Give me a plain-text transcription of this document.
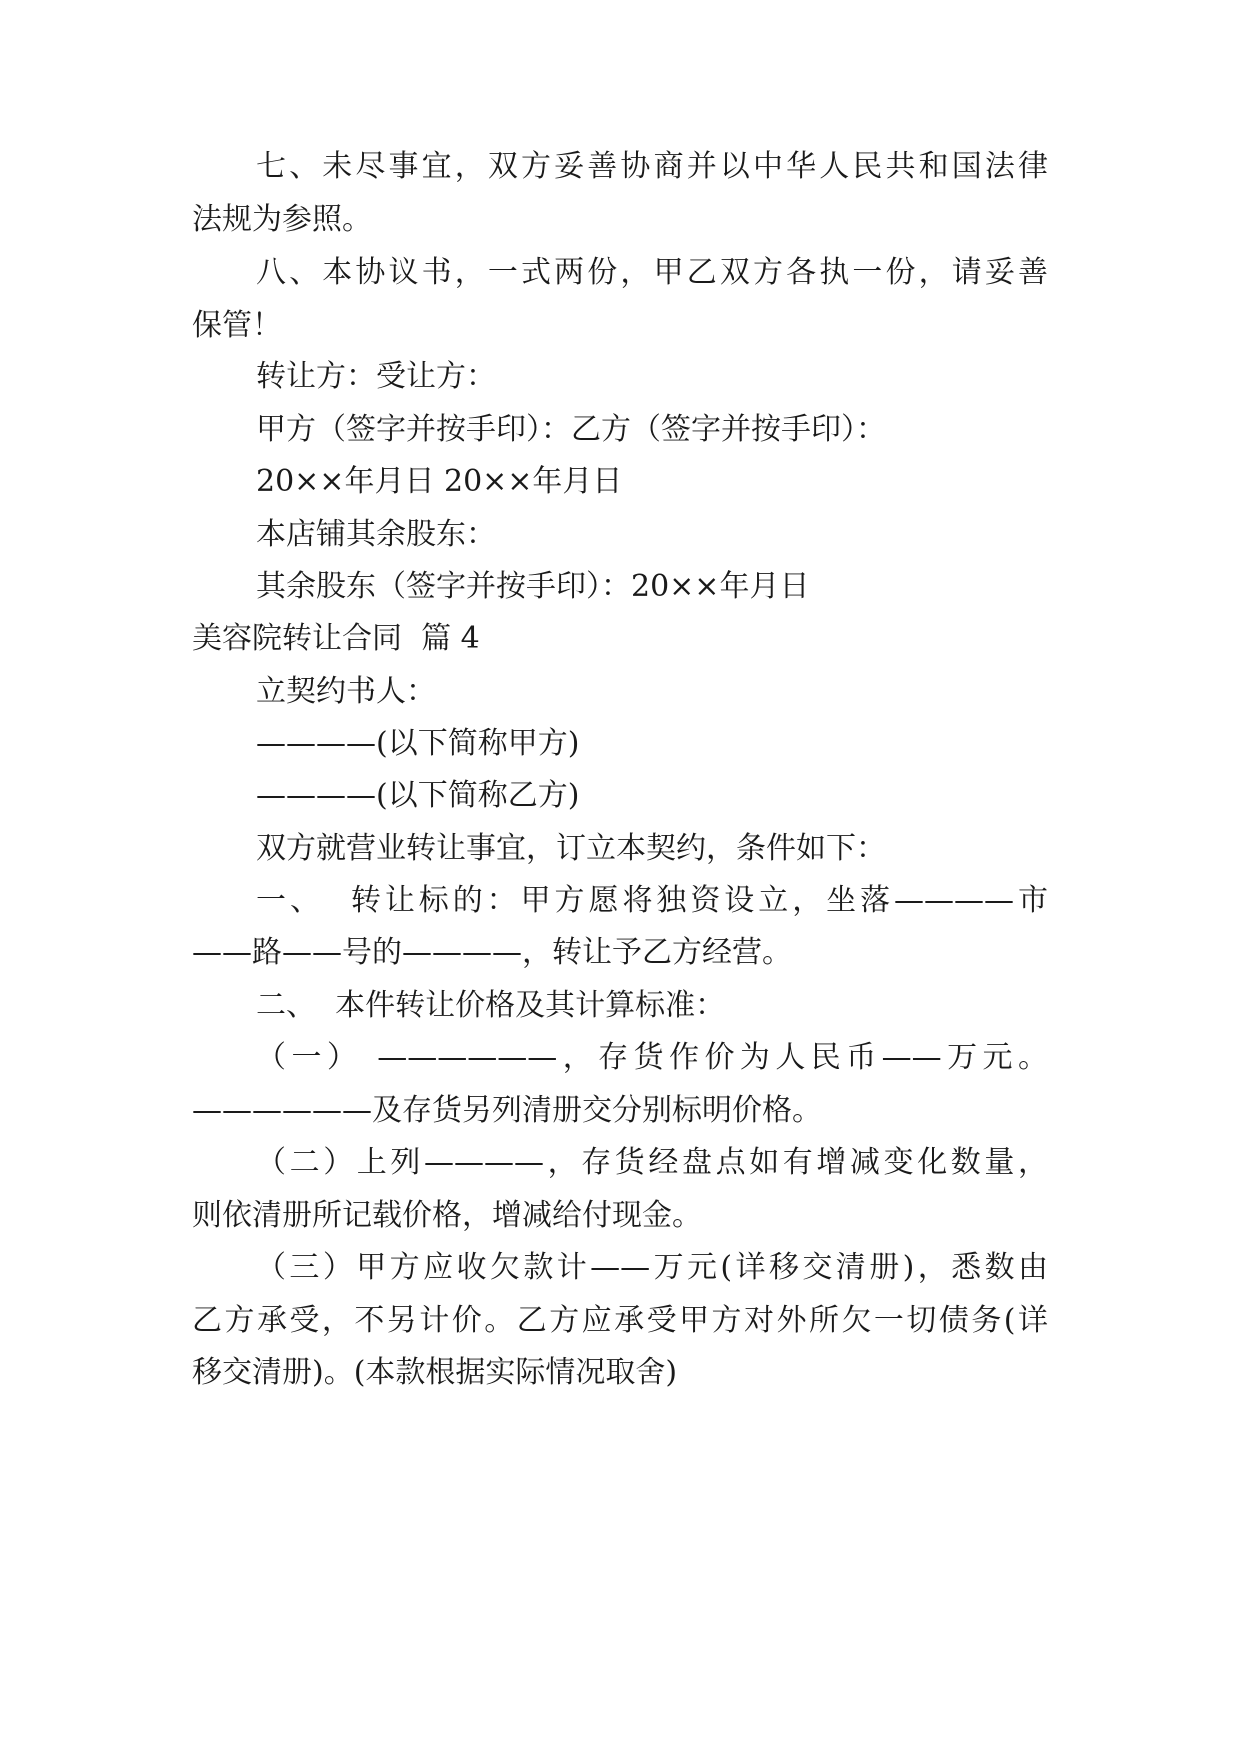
七、未尽事宜，双方妥善协商并以中华人民共和国法律
法规为参照。
八、本协议书，一式两份，甲乙双方各执一份，请妥善
保管！
转让方：受让方：
甲方（签字并按手印）：乙方（签字并按手印）：
20××年月日 20××年月日
本店铺其余股东：
其余股东（签字并按手印）：20××年月日
美容院转让合同  篇 4
立契约书人：
————(以下简称甲方)
————(以下简称乙方)
双方就营业转让事宜，订立本契约，条件如下：
一、  转让标的：甲方愿将独资设立，坐落————市
——路——号的————，转让予乙方经营。
二、  本件转让价格及其计算标准：
（一） ——————，存货作价为人民币——万元。
——————及存货另列清册交分别标明价格。
（二）上列————，存货经盘点如有增减变化数量，
则依清册所记载价格，增减给付现金。
（三）甲方应收欠款计——万元(详移交清册)，悉数由
乙方承受，不另计价。乙方应承受甲方对外所欠一切债务(详
移交清册)。(本款根据实际情况取舍)
